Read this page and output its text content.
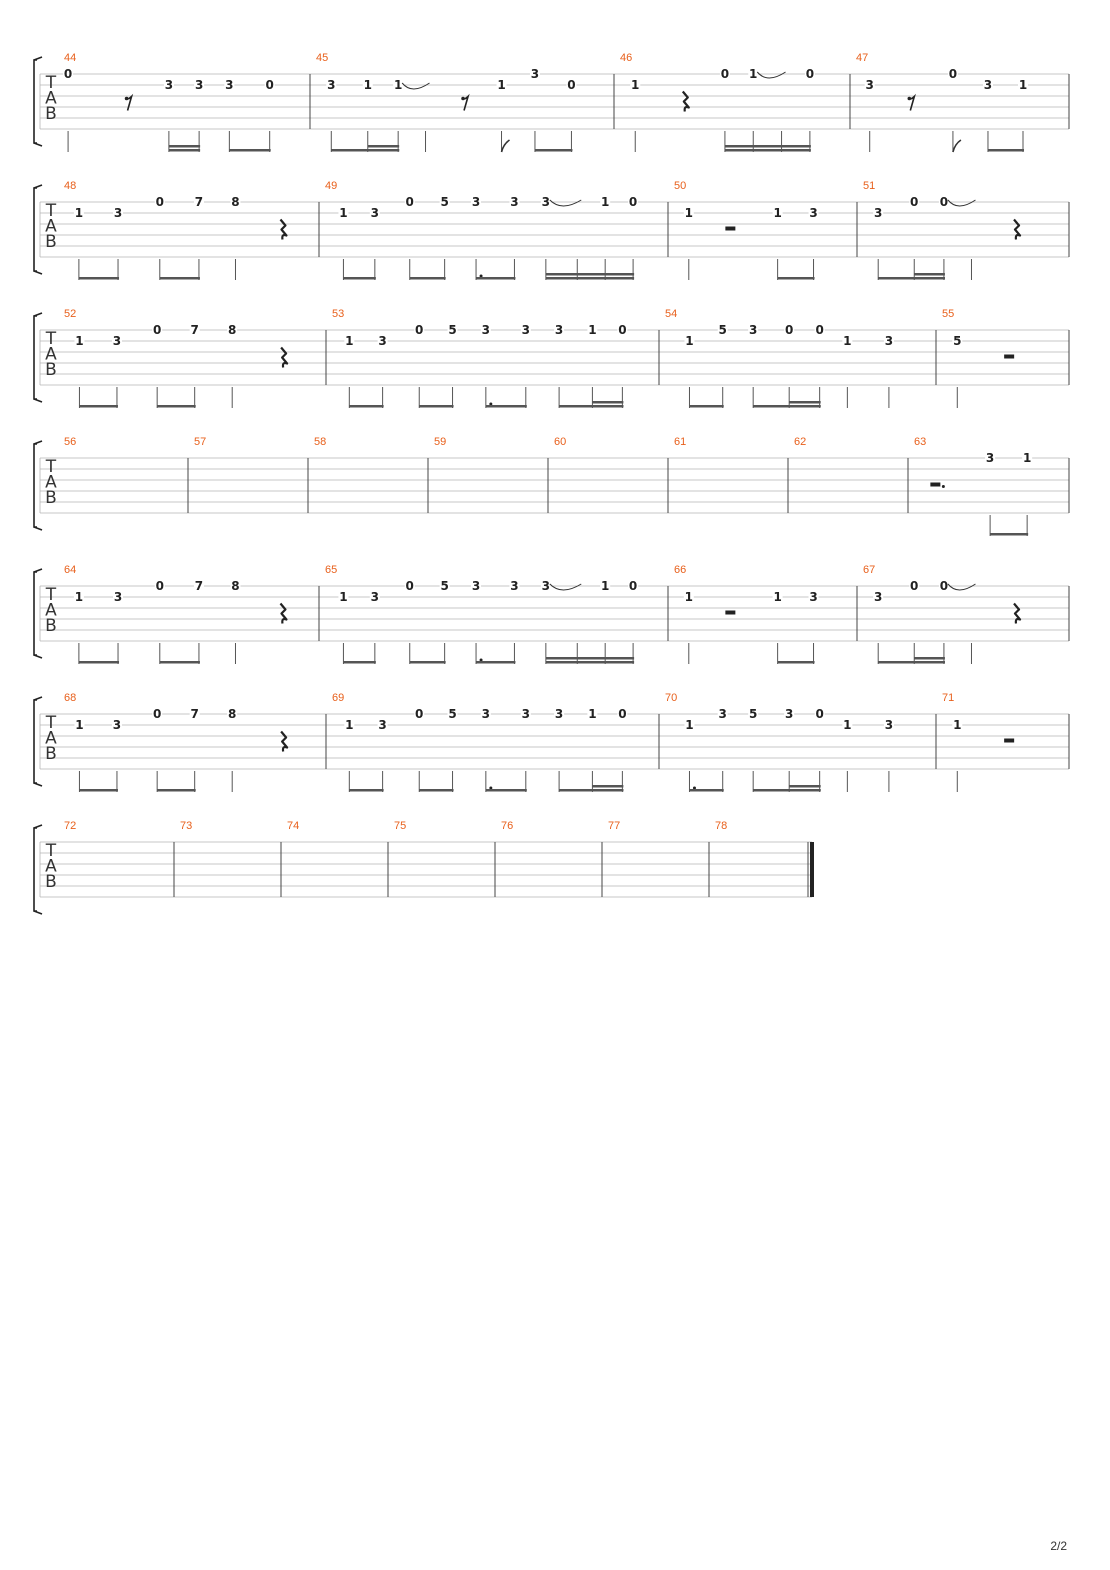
T
A
B
44
0
3 3 3	0
45
3 1 1	1
3
0
46
1
0 1	0
47
3
0
3 1
T
A
B
48
1	3
0	7 8
49
1 3
0 5 3	3 3	1 0
50
1	1 3
51
3
0 0
T
A
B
52
1 3
0 7 8
53
1 3
0 5 3	3 3 1 0
54
1
5 3 0 0
1	3
55
5
T
A
B
56	57	58	59	60	61	62	63
3 1
T
A
B
64
1	3
0	7 8
65
1 3
0 5 3	3 3	1 0
66
1	1 3
67
3
0 0
T
A
B
68
1 3
0 7 8
69
1 3
0 5 3	3 3 1 0
70
1
3 5 3 0
1	3
71
1
T
A
B
72	73	74	75	76	77	78
2/2
